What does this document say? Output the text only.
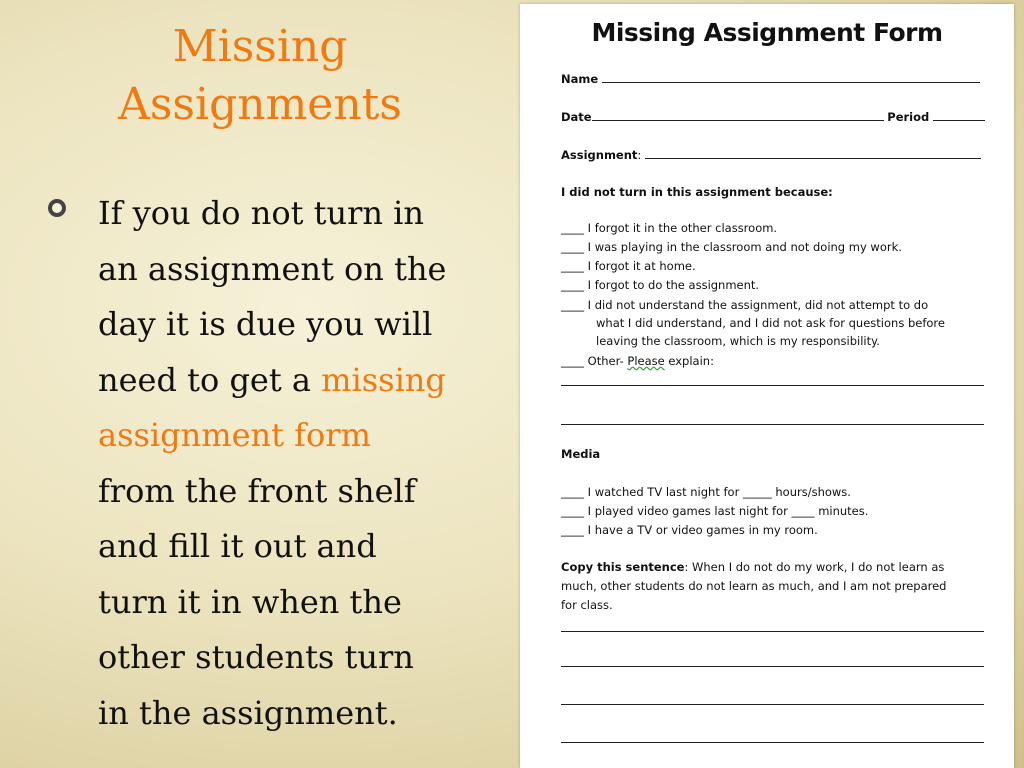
Missing
Assignments
If you do not turn in
an assignment on the
day it is due you will
need to get a missing
assignment form
from the front shelf
and fill it out and
turn it in when the
other students turn
in the assignment.
Missing Assignment Form
Name
Date	Period
Assignment:
I did not turn in this assignment because:
____ I forgot it in the other classroom.
____ I was playing in the classroom and not doing my work.
____ I forgot it at home.
____ I forgot to do the assignment.
____ I did not understand the assignment, did not attempt to do
what I did understand, and I did not ask for questions before
leaving the classroom, which is my responsibility.
____ Other- Please explain:
Media
____ I watched TV last night for _____ hours/shows.
____ I played video games last night for ____ minutes.
____ I have a TV or video games in my room.
Copy this sentence: When I do not do my work, I do not learn as
much, other students do not learn as much, and I am not prepared
for class.
